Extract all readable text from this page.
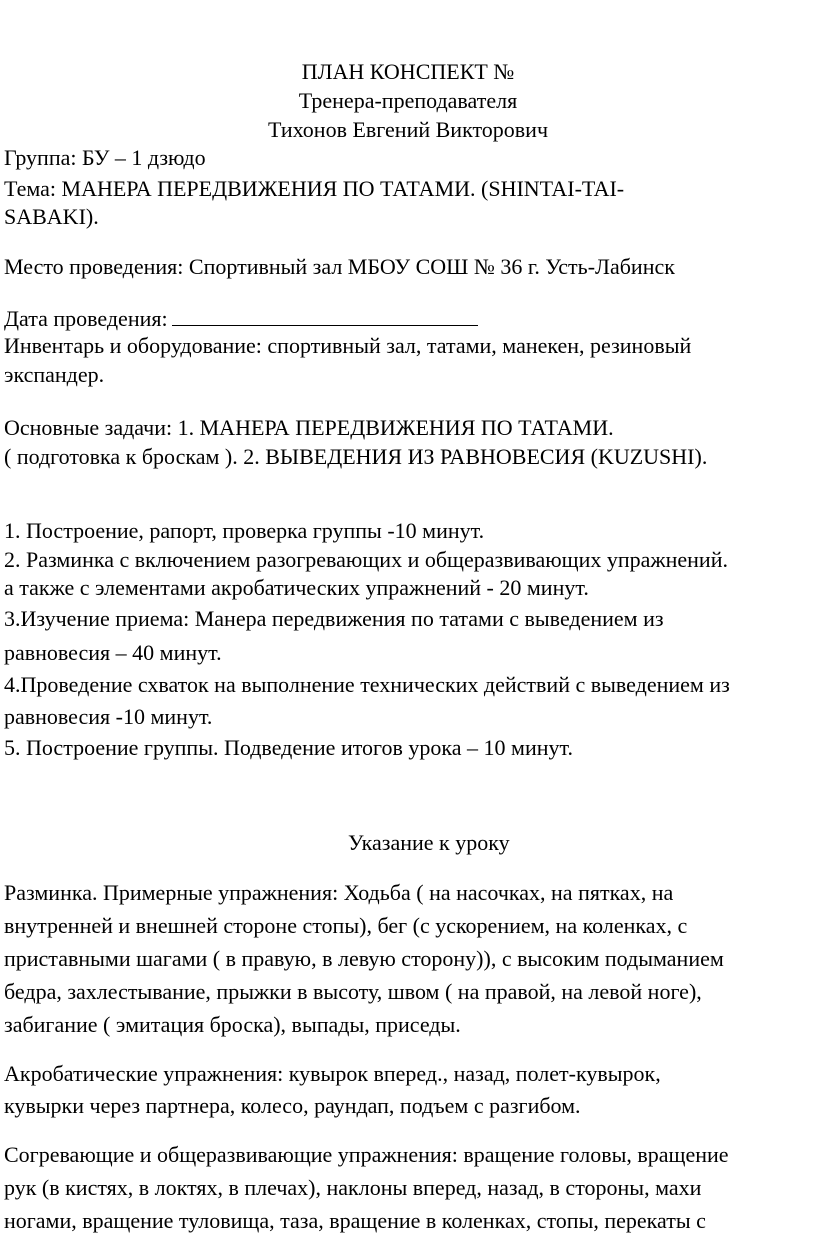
ПЛАН КОНСПЕКТ №
Тренера-преподавателя
Тихонов Евгений Викторович
Группа: БУ – 1 дзюдо
Тема: МАНЕРА ПЕРЕДВИЖЕНИЯ ПО ТАТАМИ. (SHINTAI-TAI-
SABAKI).
Место проведения: Спортивный зал МБОУ СОШ № 36 г. Усть-Лабинск
Дата проведения:
Инвентарь и оборудование: спортивный зал, татами, манекен, резиновый
экспандер.
Основные задачи: 1. МАНЕРА ПЕРЕДВИЖЕНИЯ ПО ТАТАМИ.
( подготовка к броскам ). 2. ВЫВЕДЕНИЯ ИЗ РАВНОВЕСИЯ (KUZUSHI).
1. Построение, рапорт, проверка группы -10 минут.
2. Разминка с включением разогревающих и общеразвивающих упражнений.
а также с элементами акробатических упражнений - 20 минут.
3.Изучение приема: Манера передвижения по татами с выведением из
равновесия – 40 минут.
4.Проведение схваток на выполнение технических действий с выведением из
равновесия -10 минут.
5. Построение группы. Подведение итогов урока – 10 минут.
Указание к уроку
Разминка. Примерные упражнения: Ходьба ( на насочках, на пятках, на
внутренней и внешней стороне стопы), бег (с ускорением, на коленках, с
приставными шагами ( в правую, в левую сторону)), с высоким подыманием
бедра, захлестывание, прыжки в высоту, швом ( на правой, на левой ноге),
забигание ( эмитация броска), выпады, приседы.
Акробатические упражнения: кувырок вперед., назад, полет-кувырок,
кувырки через партнера, колесо, раундап, подъем с разгибом.
Согревающие и общеразвивающие упражнения: вращение головы, вращение
рук (в кистях, в локтях, в плечах), наклоны вперед, назад, в стороны, махи
ногами, вращение туловища, таза, вращение в коленках, стопы, перекаты с
